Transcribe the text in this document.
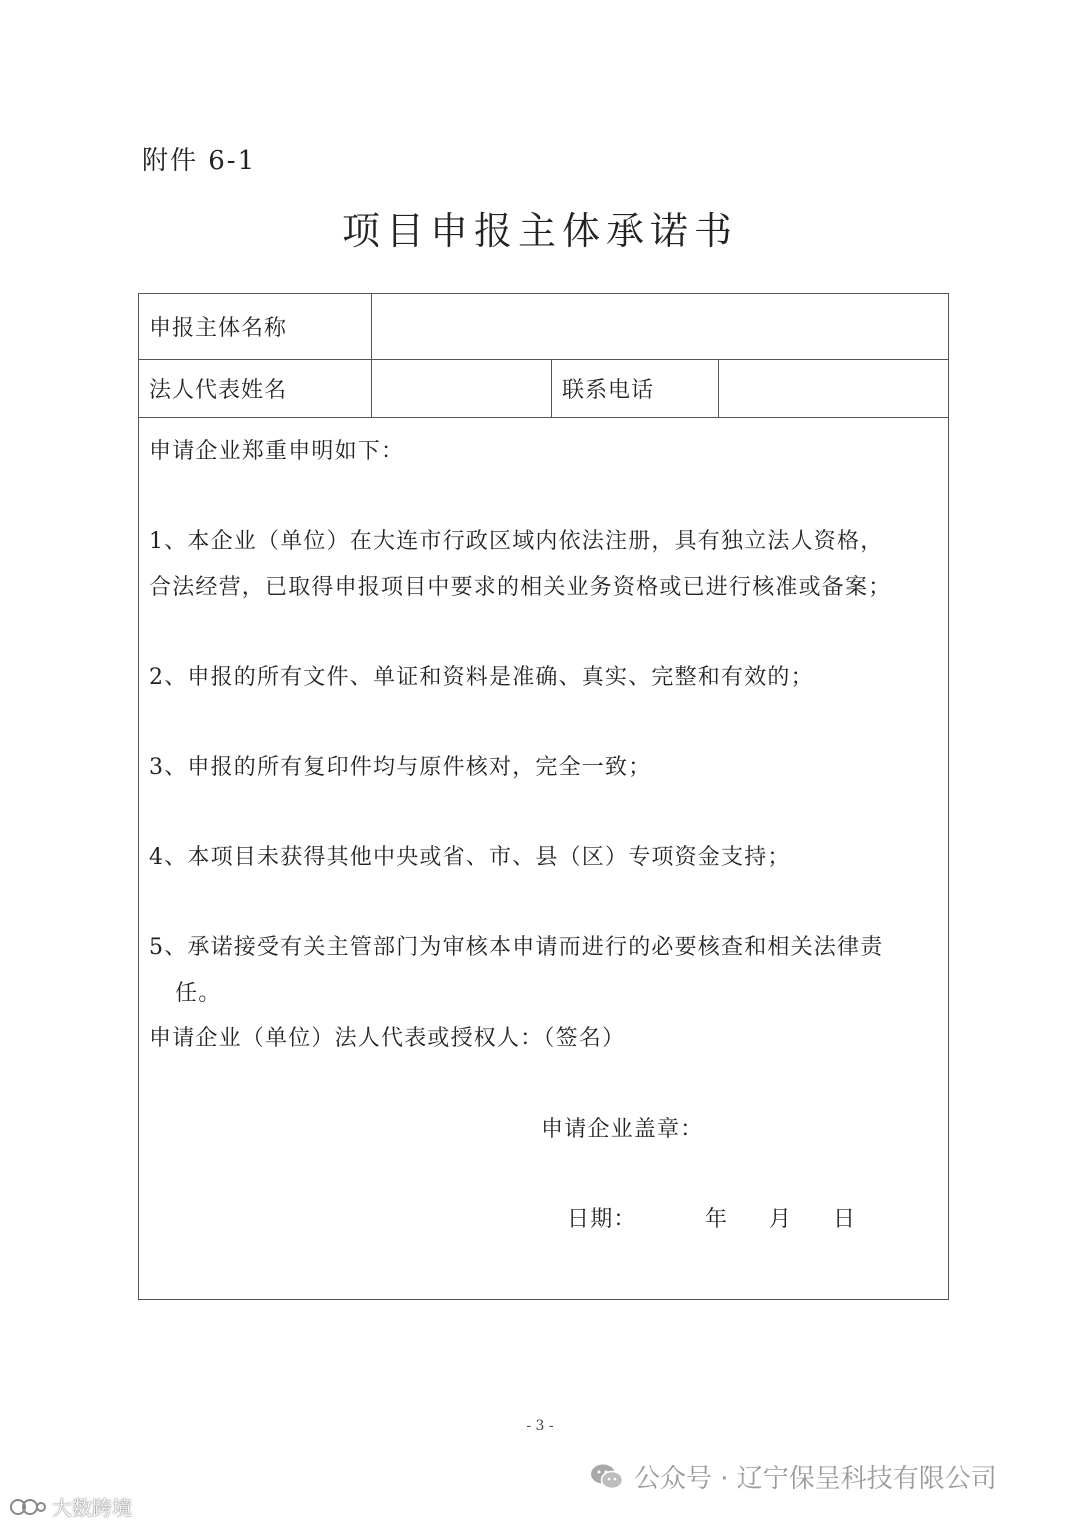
附件 6-1
项目申报主体承诺书
申报主体名称
法人代表姓名	联系电话
申请企业郑重申明如下：
1、本企业（单位）在大连市行政区域内依法注册，具有独立法人资格，
合法经营，已取得申报项目中要求的相关业务资格或已进行核准或备案；
2、申报的所有文件、单证和资料是准确、真实、完整和有效的；
3、申报的所有复印件均与原件核对，完全一致；
4、本项目未获得其他中央或省、市、县（区）专项资金支持；
5、承诺接受有关主管部门为审核本申请而进行的必要核查和相关法律责
任。
申请企业（单位）法人代表或授权人：（签名）
申请企业盖章：
日期：	年 月 日
- 3 -
公众号 · 辽宁保呈科技有限公司
大数跨境
